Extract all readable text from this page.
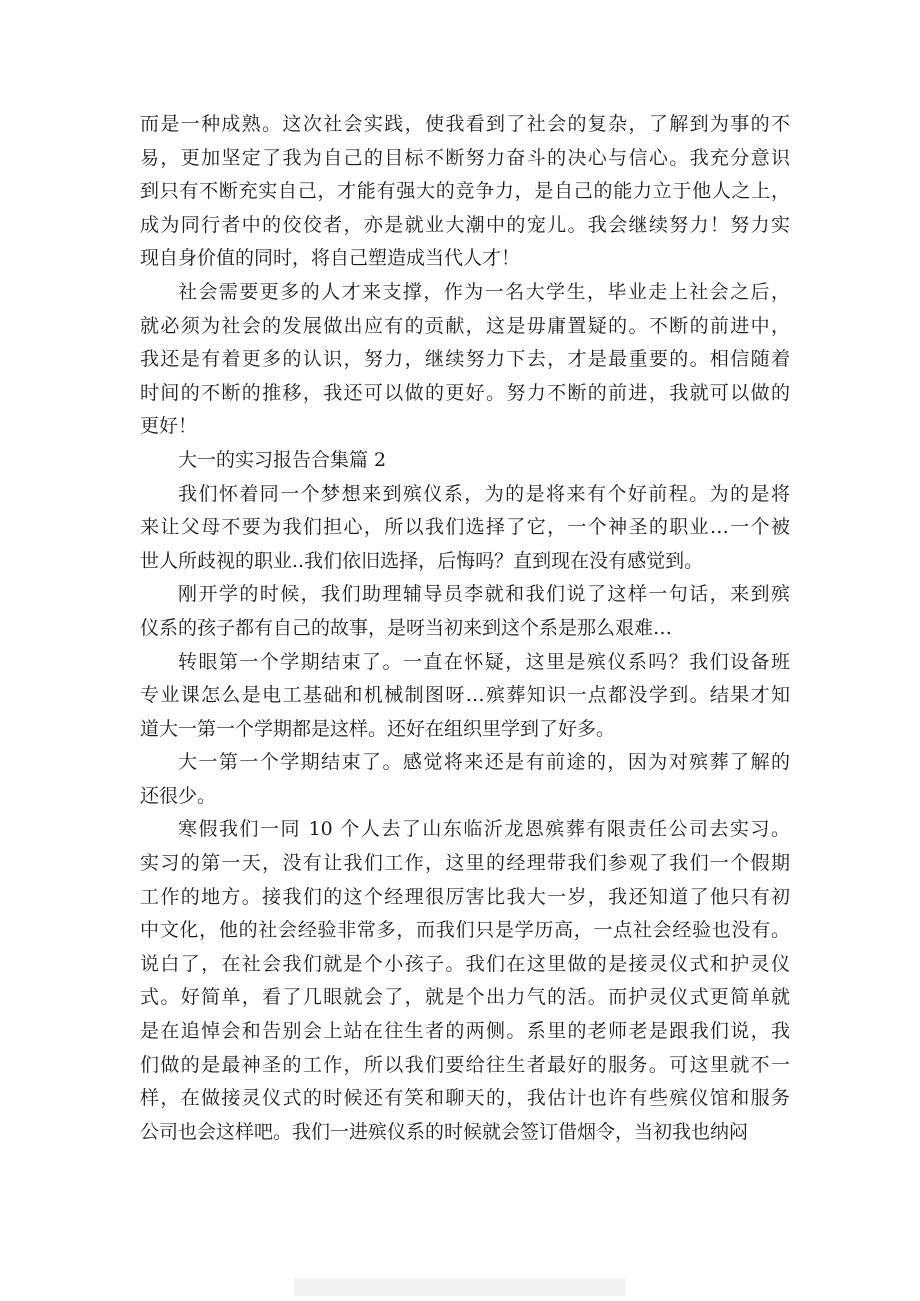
而是一种成熟。这次社会实践，使我看到了社会的复杂，了解到为事的不
易，更加坚定了我为自己的目标不断努力奋斗的决心与信心。我充分意识
到只有不断充实自己，才能有强大的竞争力，是自己的能力立于他人之上，
成为同行者中的佼佼者，亦是就业大潮中的宠儿。我会继续努力！努力实
现自身价值的同时，将自己塑造成当代人才！
社会需要更多的人才来支撑，作为一名大学生，毕业走上社会之后，
就必须为社会的发展做出应有的贡献，这是毋庸置疑的。不断的前进中，
我还是有着更多的认识，努力，继续努力下去，才是最重要的。相信随着
时间的不断的推移，我还可以做的更好。努力不断的前进，我就可以做的
更好！
大一的实习报告合集篇 2
我们怀着同一个梦想来到殡仪系，为的是将来有个好前程。为的是将
来让父母不要为我们担心，所以我们选择了它，一个神圣的职业…一个被
世人所歧视的职业..我们依旧选择，后悔吗？直到现在没有感觉到。
刚开学的时候，我们助理辅导员李就和我们说了这样一句话，来到殡
仪系的孩子都有自己的故事，是呀当初来到这个系是那么艰难…
转眼第一个学期结束了。一直在怀疑，这里是殡仪系吗？我们设备班
专业课怎么是电工基础和机械制图呀…殡葬知识一点都没学到。结果才知
道大一第一个学期都是这样。还好在组织里学到了好多。
大一第一个学期结束了。感觉将来还是有前途的，因为对殡葬了解的
还很少。
寒假我们一同 10 个人去了山东临沂龙恩殡葬有限责任公司去实习。
实习的第一天，没有让我们工作，这里的经理带我们参观了我们一个假期
工作的地方。接我们的这个经理很厉害比我大一岁，我还知道了他只有初
中文化，他的社会经验非常多，而我们只是学历高，一点社会经验也没有。
说白了，在社会我们就是个小孩子。我们在这里做的是接灵仪式和护灵仪
式。好简单，看了几眼就会了，就是个出力气的活。而护灵仪式更简单就
是在追悼会和告别会上站在往生者的两侧。系里的老师老是跟我们说，我
们做的是最神圣的工作，所以我们要给往生者最好的服务。可这里就不一
样，在做接灵仪式的时候还有笑和聊天的，我估计也许有些殡仪馆和服务
公司也会这样吧。我们一进殡仪系的时候就会签订借烟令，当初我也纳闷
